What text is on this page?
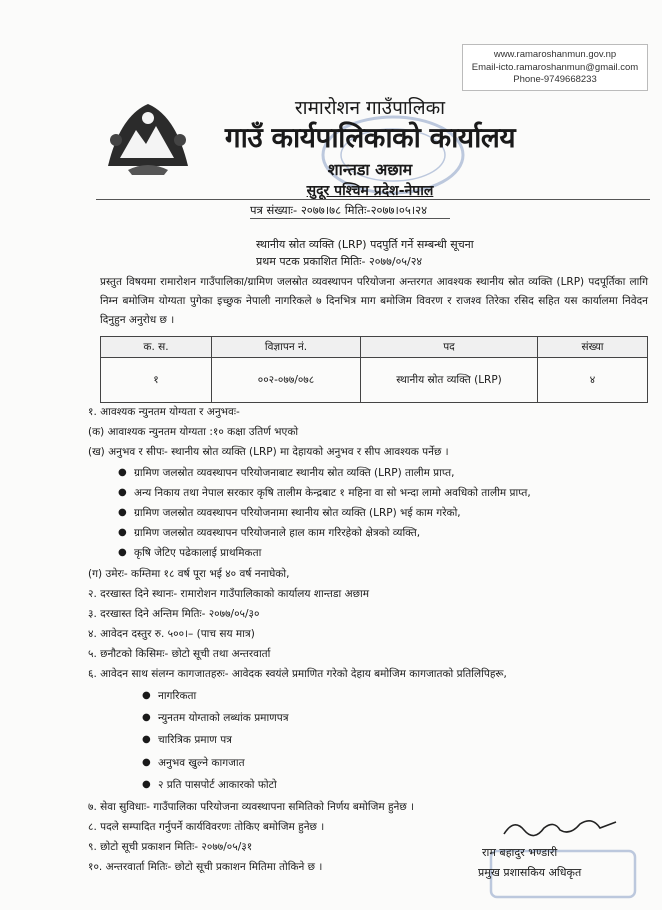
www.ramaroshanmun.gov.np
Email-icto.ramaroshanmun@gmail.com
Phone-9749668233
रामारोशन गाउँपालिका
गाउँ कार्यपालिकाको कार्यालय
शान्तडा अछाम
सुदूर पश्चिम प्रदेश-नेपाल
पत्र संख्याः- २०७७।७८ मितिः-२०७७।०५।२४
स्थानीय स्रोत व्यक्ति (LRP) पदपुर्ति गर्ने सम्बन्धी सूचना
प्रथम पटक प्रकाशित मितिः- २०७७/०५/२४
प्रस्तुत विषयमा रामारोशन गाउँपालिका/ग्रामिण जलस्रोत व्यवस्थापन परियोजना अन्तरगत आवश्यक स्थानीय स्रोत व्यक्ति (LRP) पदपूर्तिका लागि निम्न बमोजिम योग्यता पुगेका इच्छुक नेपाली नागरिकले ७ दिनभित्र माग बमोजिम विवरण र राजश्व तिरेका रसिद सहित यस कार्यालमा निवेदन दिनुहुन अनुरोध छ ।
क. स.	विज्ञापन नं.	पद	संख्या
१	००२-०७७/०७८	स्थानीय स्रोत व्यक्ति (LRP)	४

१. आवश्यक न्युनतम योग्यता र अनुभवः-

(क) आवाश्यक न्युनतम योग्यता :१० कक्षा उतिर्ण भएको

(ख) अनुभव र सीपः- स्थानीय स्रोत व्यक्ति (LRP) मा देहायको अनुभव र सीप आवश्यक पर्नेछ ।

● ग्रामिण जलस्रोत व्यवस्थापन परियोजनाबाट स्थानीय स्रोत व्यक्ति (LRP) तालीम प्राप्त,
● अन्य निकाय तथा नेपाल सरकार कृषि तालीम केन्द्रबाट १ महिना वा सो भन्दा लामो अवधिको तालीम प्राप्त,
● ग्रामिण जलस्रोत व्यवस्थापन परियोजनामा स्थानीय स्रोत व्यक्ति (LRP) भई काम गरेको,
● ग्रामिण जलस्रोत व्यवस्थापन परियोजनाले हाल काम गरिरहेको क्षेत्रको व्यक्ति,
● कृषि जेटिए पढेकालाई प्राथमिकता

(ग) उमेरः- कम्तिमा १८ वर्ष पूरा भई ४० वर्ष ननाघेको,

२. दरखास्त दिने स्थानः- रामारोशन गाउँपालिकाको कार्यालय शान्तडा अछाम

३. दरखास्त दिने अन्तिम मितिः- २०७७/०५/३०

४. आवेदन दस्तुर रु. ५००।– (पाच सय मात्र)

५. छनौटको किसिमः- छोटो सूची तथा अन्तरवार्ता

६. आवेदन साथ संलग्न कागजातहरुः- आवेदक स्वयंले प्रमाणित गरेको देहाय बमोजिम कागजातको प्रतिलिपिहरू,

● नागरिकता
● न्युनतम योग्ताको लब्धांक प्रमाणपत्र
● चारित्रिक प्रमाण पत्र
● अनुभव खुल्ने कागजात
● २ प्रति पासपोर्ट आकारको फोटो

७. सेवा सुविधाः- गाउँपालिका परियोजना व्यवस्थापना समितिको निर्णय बमोजिम हुनेछ ।

८. पदले सम्पादित गर्नुपर्ने कार्यविवरणः तोकिए बमोजिम हुनेछ ।

९. छोटो सूची प्रकाशन मितिः- २०७७/०५/३१

१०. अन्तरवार्ता मितिः- छोटो सूची प्रकाशन मितिमा तोकिने छ ।

राम बहादुर भण्डारी
प्रमुख प्रशासकिय अधिकृत
